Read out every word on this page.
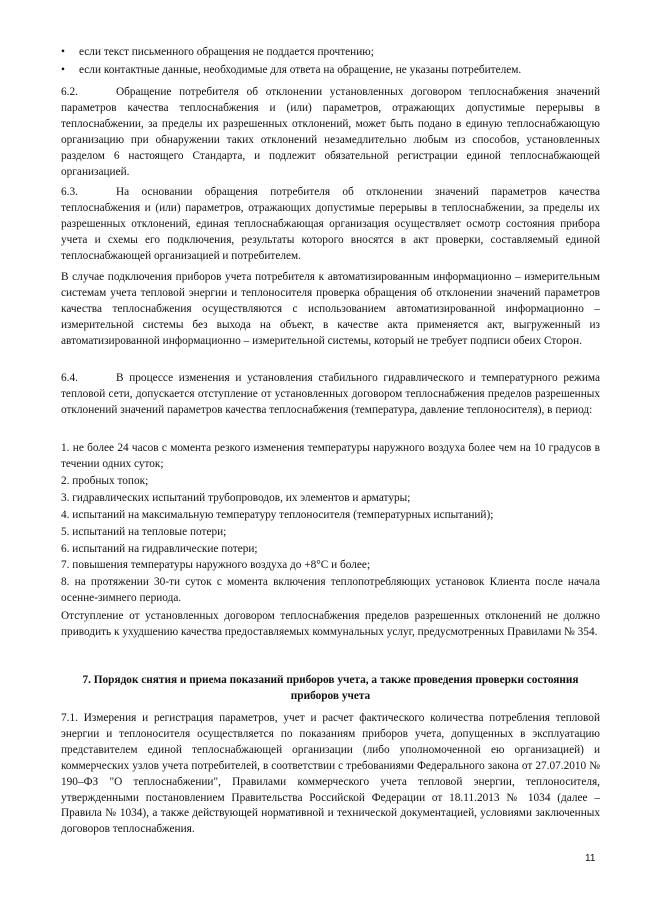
• если текст письменного обращения не поддается прочтению;
• если контактные данные, необходимые для ответа на обращение, не указаны потребителем.

6.2.	Обращение потребителя об отклонении установленных договором теплоснабжения значений параметров качества теплоснабжения и (или) параметров, отражающих допустимые перерывы в теплоснабжении, за пределы их разрешенных отклонений, может быть подано в единую теплоснабжающую организацию при обнаружении таких отклонений незамедлительно любым из способов, установленных разделом 6 настоящего Стандарта, и подлежит обязательной регистрации единой теплоснабжающей организацией.

6.3.	На основании обращения потребителя об отклонении значений параметров качества теплоснабжения и (или) параметров, отражающих допустимые перерывы в теплоснабжении, за пределы их разрешенных отклонений, единая теплоснабжающая организация осуществляет осмотр состояния прибора учета и схемы его подключения, результаты которого вносятся в акт проверки, составляемый единой теплоснабжающей организацией и потребителем.

В случае подключения приборов учета потребителя к автоматизированным информационно – измерительным системам учета тепловой энергии и теплоносителя проверка обращения об отклонении значений параметров качества теплоснабжения осуществляются с использованием автоматизированной информационно – измерительной системы без выхода на объект, в качестве акта применяется акт, выгруженный из автоматизированной информационно – измерительной системы, который не требует подписи обеих Сторон.

6.4.	В процессе изменения и установления стабильного гидравлического и температурного режима тепловой сети, допускается отступление от установленных договором теплоснабжения пределов разрешенных отклонений значений параметров качества теплоснабжения (температура, давление теплоносителя), в период:

1. не более 24 часов с момента резкого изменения температуры наружного воздуха более чем на 10 градусов в течении одних суток;

2. пробных топок;

3. гидравлических испытаний трубопроводов, их элементов и арматуры;

4. испытаний на максимальную температуру теплоносителя (температурных испытаний);

5. испытаний на тепловые потери;

6. испытаний на гидравлические потери;

7. повышения температуры наружного воздуха до +8°С и более;

8. на протяжении 30-ти суток с момента включения теплопотребляющих установок Клиента после начала осенне-зимнего периода.

Отступление от установленных договором теплоснабжения пределов разрешенных отклонений не должно приводить к ухудшению качества предоставляемых коммунальных услуг, предусмотренных Правилами № 354.

7. Порядок снятия и приема показаний приборов учета, а также проведения проверки состояния приборов учета

7.1. Измерения и регистрация параметров, учет и расчет фактического количества потребления тепловой энергии и теплоносителя осуществляется по показаниям приборов учета, допущенных в эксплуатацию представителем единой теплоснабжающей организации (либо уполномоченной ею организацией) и коммерческих узлов учета потребителей, в соответствии с требованиями Федерального закона от 27.07.2010 № 190–ФЗ "О теплоснабжении", Правилами коммерческого учета тепловой энергии, теплоносителя, утвержденными постановлением Правительства Российской Федерации от 18.11.2013 № 1034 (далее – Правила № 1034), а также действующей нормативной и технической документацией, условиями заключенных договоров теплоснабжения.

11
